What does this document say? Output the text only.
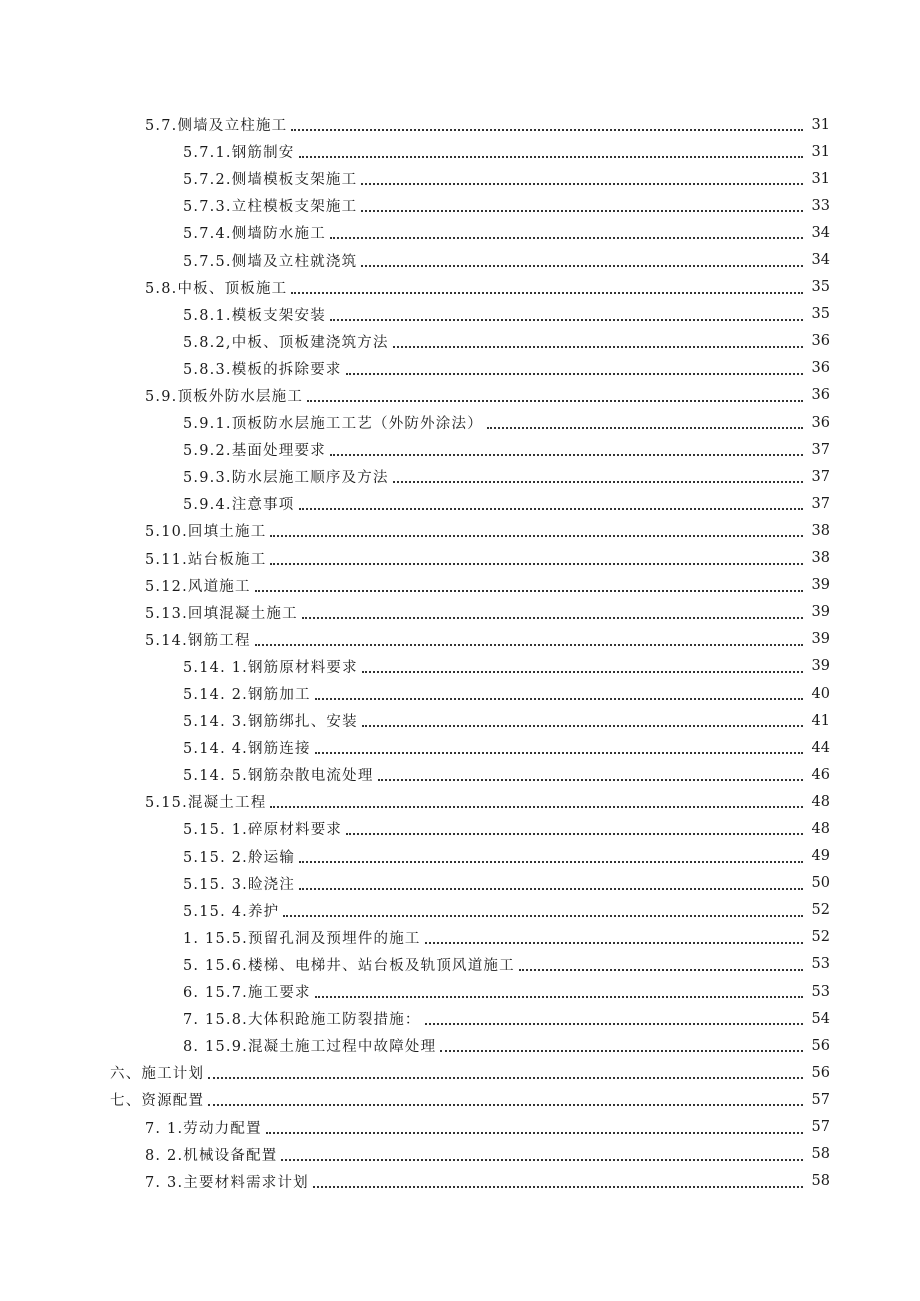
5.7.侧墙及立柱施工	31
5.7.1.钢筋制安	31
5.7.2.侧墙模板支架施工	31
5.7.3.立柱模板支架施工	33
5.7.4.侧墙防水施工	34
5.7.5.侧墙及立柱就浇筑	34
5.8.中板、顶板施工	35
5.8.1.模板支架安装	35
5.8.2,中板、顶板建浇筑方法	36
5.8.3.模板的拆除要求	36
5.9.顶板外防水层施工	36
5.9.1.顶板防水层施工工艺（外防外涂法）	36
5.9.2.基面处理要求	37
5.9.3.防水层施工顺序及方法	37
5.9.4.注意事项	37
5.10.回填土施工	38
5.11.站台板施工	38
5.12.风道施工	39
5.13.回填混凝土施工	39
5.14.钢筋工程	39
5.14. 1.钢筋原材料要求	39
5.14. 2.钢筋加工	40
5.14. 3.钢筋绑扎、安装	41
5.14. 4.钢筋连接	44
5.14. 5.钢筋杂散电流处理	46
5.15.混凝土工程	48
5.15. 1.碎原材料要求	48
5.15. 2.舲运输	49
5.15. 3.睑浇注	50
5.15. 4.养护	52
1. 15.5.预留孔洞及预埋件的施工	52
5. 15.6.楼梯、电梯井、站台板及轨顶风道施工	53
6. 15.7.施工要求	53
7. 15.8.大体积跄施工防裂措施：	54
8. 15.9.混凝土施工过程中故障处理	56
六、施工计划	56
七、资源配置	57
7. 1.劳动力配置	57
8. 2.机械设备配置	58
7. 3.主要材料需求计划	58
